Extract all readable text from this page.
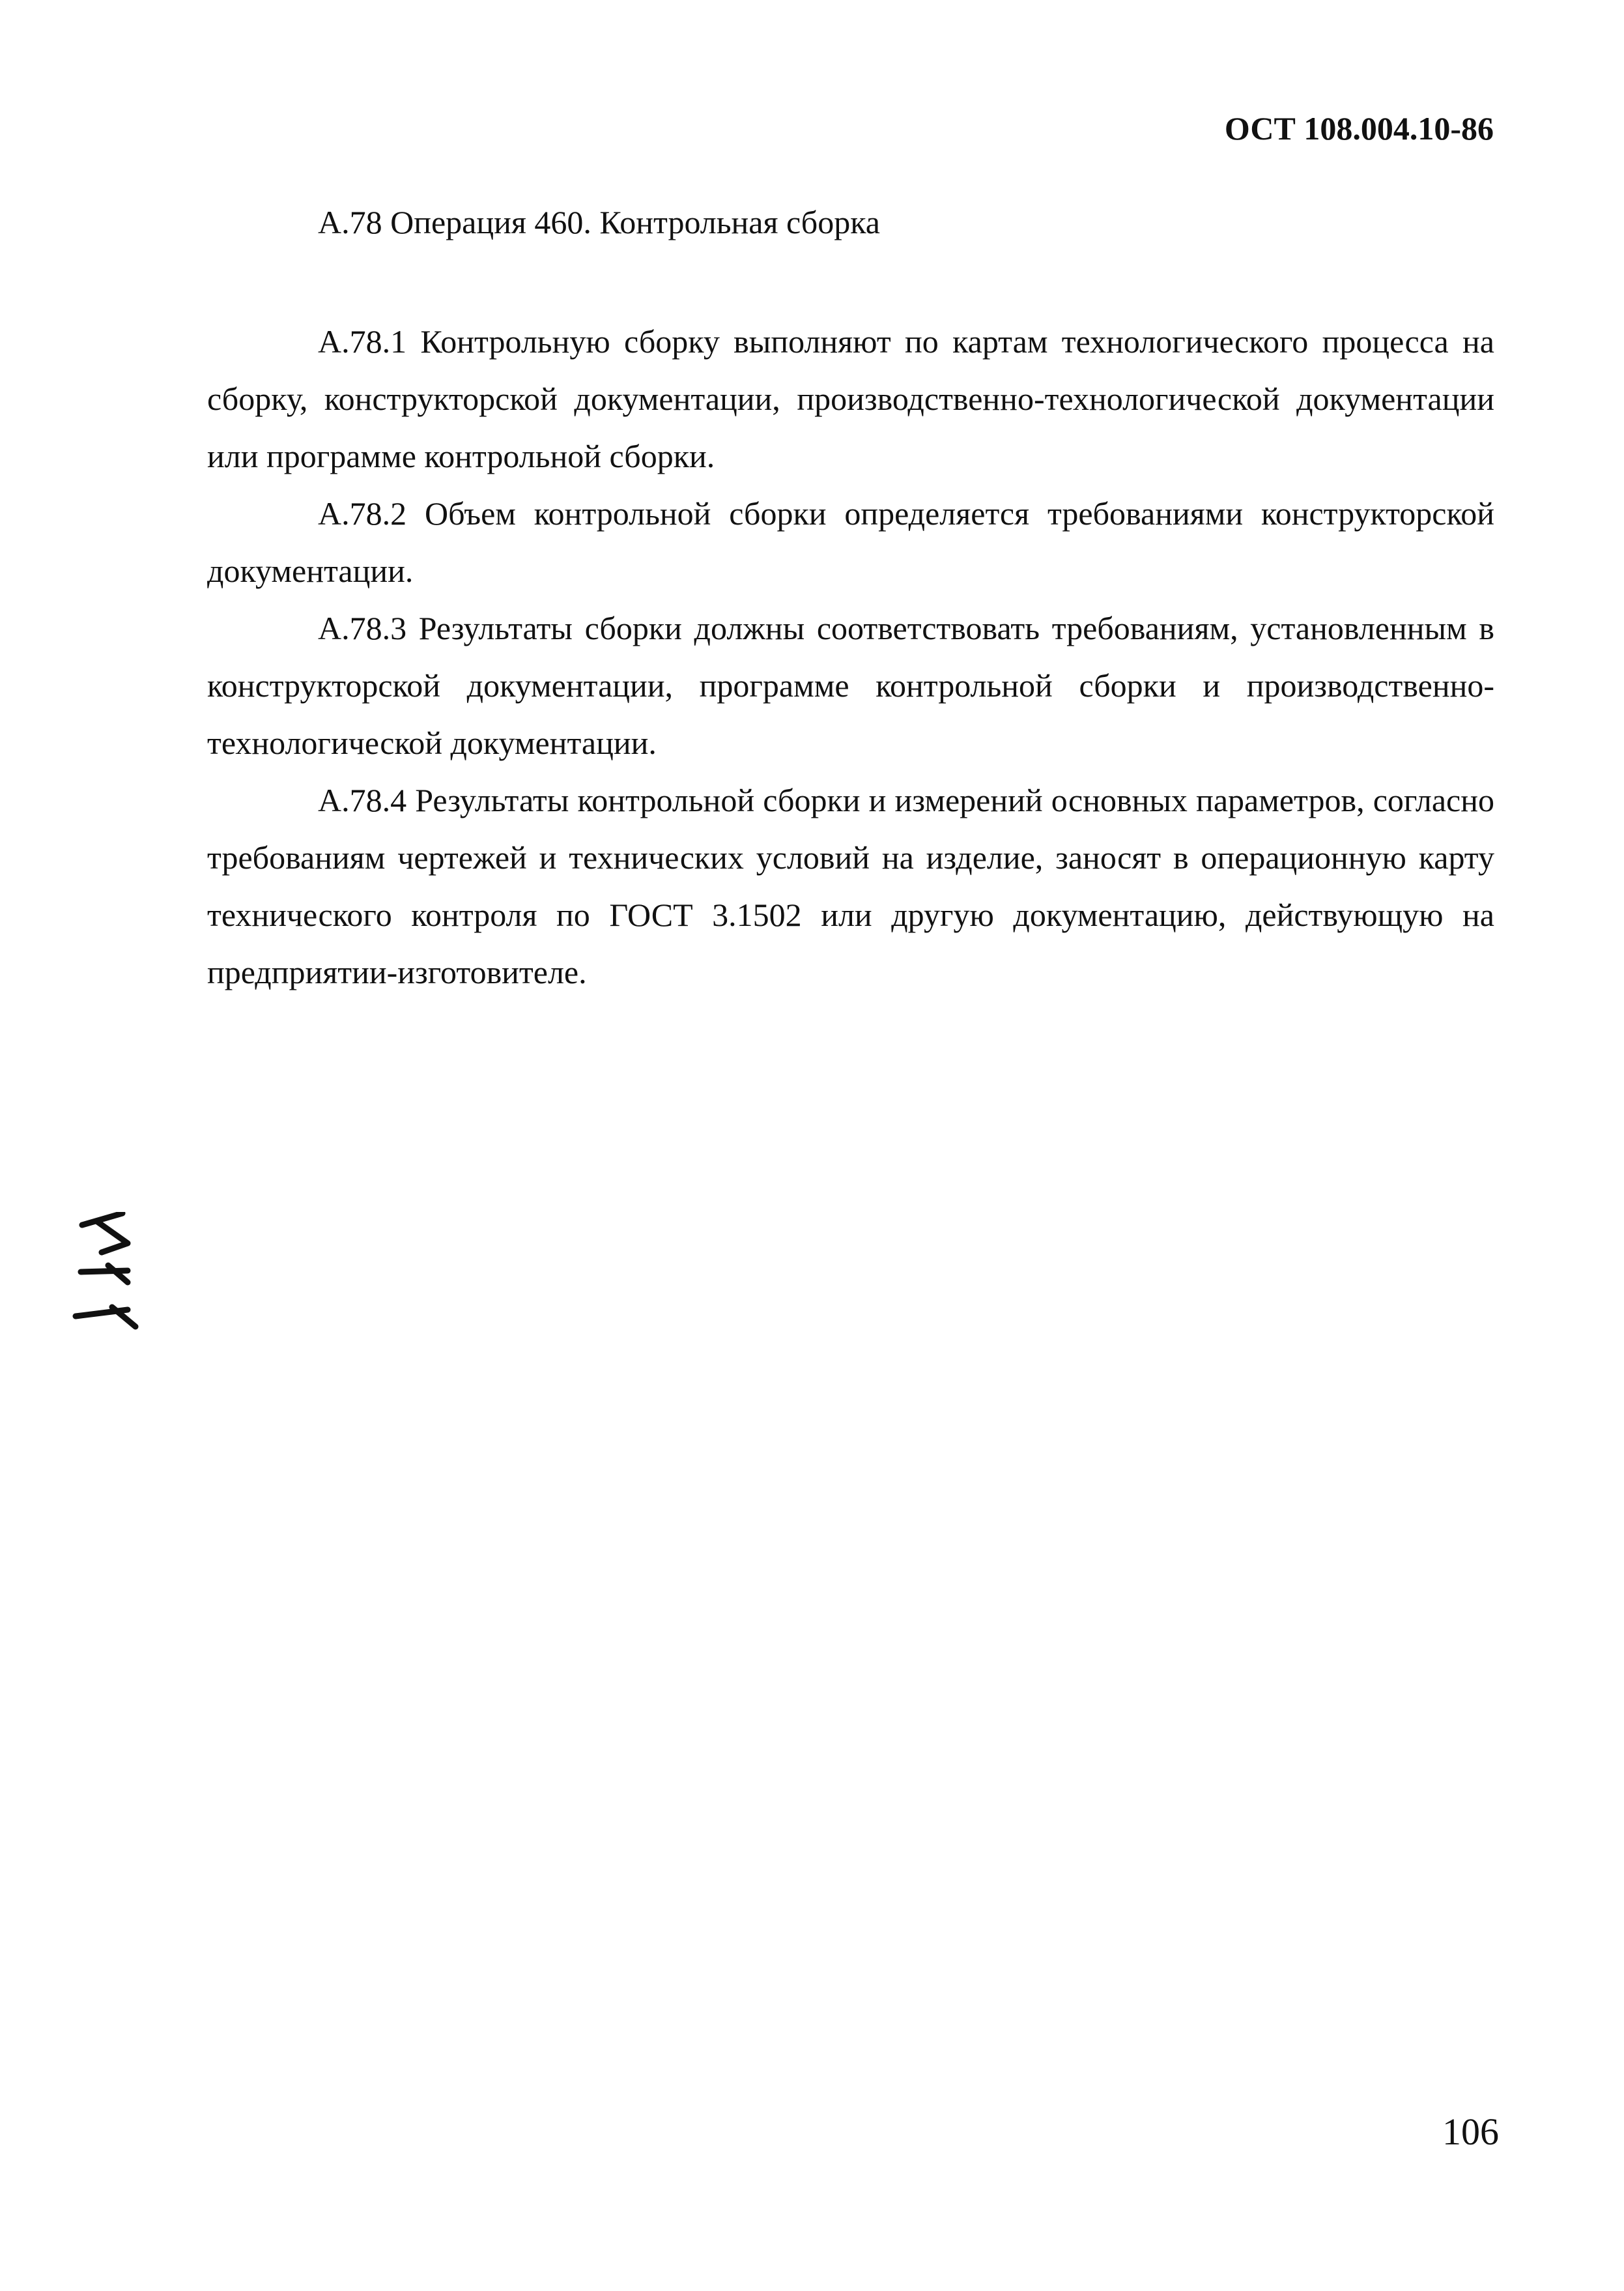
ОСТ 108.004.10-86
А.78 Операция 460. Контрольная сборка

А.78.1 Контрольную сборку выполняют по картам технологического процесса на сборку, конструкторской документации, производственно-технологической документации или программе контрольной сборки.

А.78.2 Объем контрольной сборки определяется требованиями конструкторской документации.

А.78.3 Результаты сборки должны соответствовать требованиям, установленным в конструкторской документации, программе контрольной сборки и производственно-технологической документации.

А.78.4 Результаты контрольной сборки и измерений основных параметров, согласно требованиям чертежей и технических условий на изделие, заносят в операционную карту технического контроля по ГОСТ 3.1502 или другую документацию, действующую на предприятии-изготовителе.

106
